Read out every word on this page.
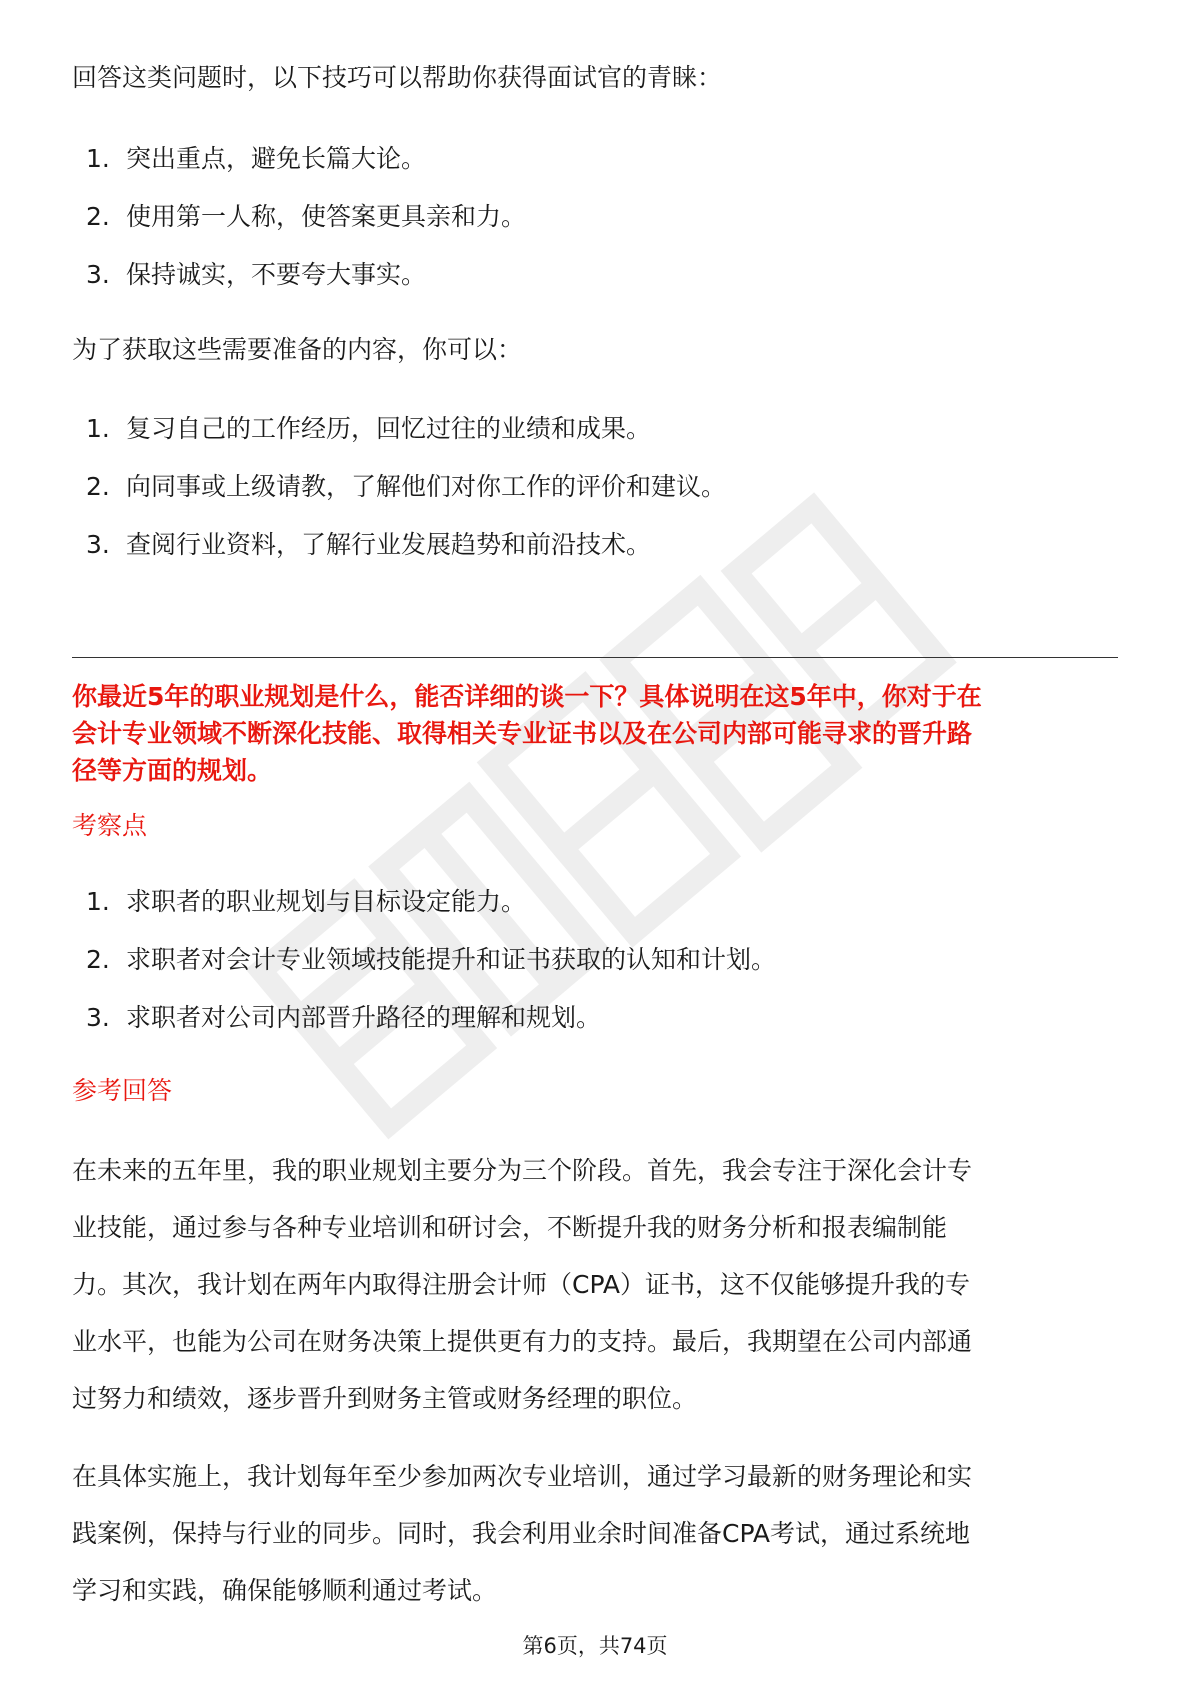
回答这类问题时，以下技巧可以帮助你获得面试官的青睐：

1. 突出重点，避免长篇大论。
2. 使用第一人称，使答案更具亲和力。
3. 保持诚实，不要夸大事实。

为了获取这些需要准备的内容，你可以：

1. 复习自己的工作经历，回忆过往的业绩和成果。
2. 向同事或上级请教，了解他们对你工作的评价和建议。
3. 查阅行业资料，了解行业发展趋势和前沿技术。

你最近5年的职业规划是什么，能否详细的谈一下？具体说明在这5年中，你对于在

会计专业领域不断深化技能、取得相关专业证书以及在公司内部可能寻求的晋升路

径等方面的规划。

考察点

1. 求职者的职业规划与目标设定能力。
2. 求职者对会计专业领域技能提升和证书获取的认知和计划。
3. 求职者对公司内部晋升路径的理解和规划。

参考回答

在未来的五年里，我的职业规划主要分为三个阶段。首先，我会专注于深化会计专

业技能，通过参与各种专业培训和研讨会，不断提升我的财务分析和报表编制能

力。其次，我计划在两年内取得注册会计师（CPA）证书，这不仅能够提升我的专

业水平，也能为公司在财务决策上提供更有力的支持。最后，我期望在公司内部通

过努力和绩效，逐步晋升到财务主管或财务经理的职位。

在具体实施上，我计划每年至少参加两次专业培训，通过学习最新的财务理论和实

践案例，保持与行业的同步。同时，我会利用业余时间准备CPA考试，通过系统地

学习和实践，确保能够顺利通过考试。

第6页，共74页
